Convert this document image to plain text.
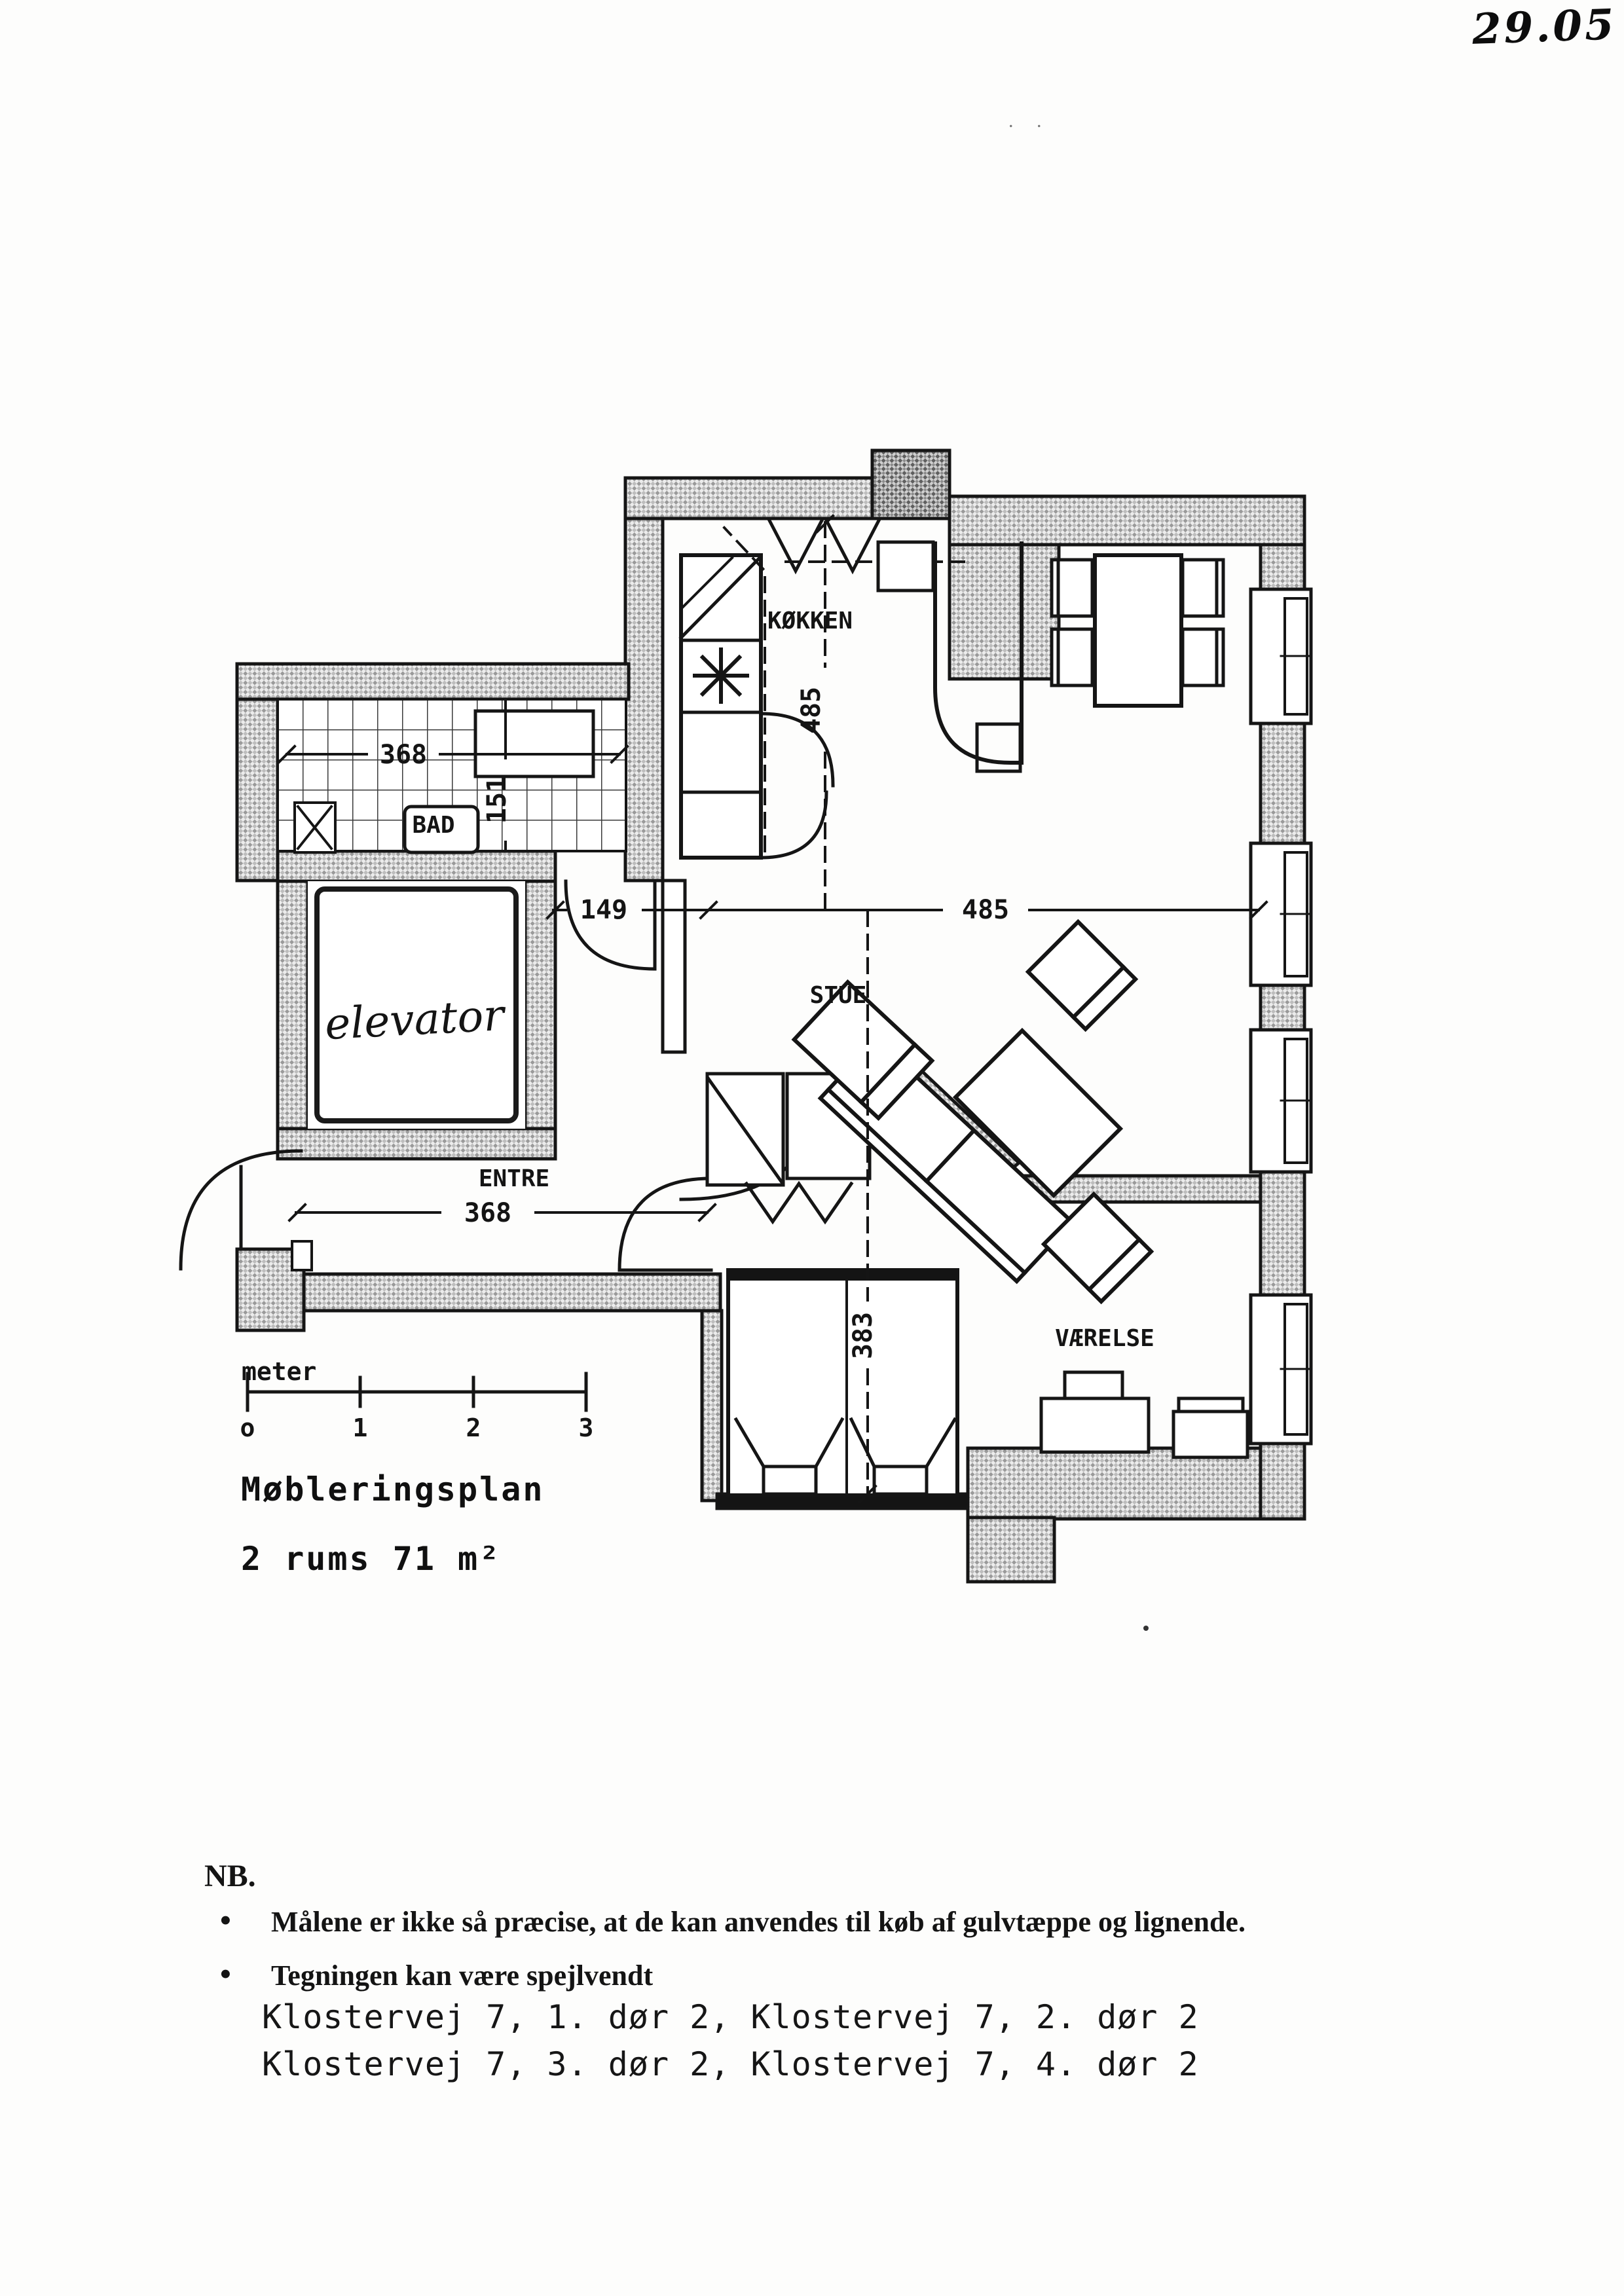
29.05
. .
368
151
BAD
elevator
KØKKEN
STUE
VÆRELSE
149	485
368
485
383
ENTRE
meter
o	1	2	3
Møbleringsplan
2 rums 71 m²
NB.
• Målene er ikke så præcise, at de kan anvendes til køb af gulvtæppe og lignende.
• Tegningen kan være spejlvendt
Klostervej 7, 1. dør 2, Klostervej 7, 2. dør 2
Klostervej 7, 3. dør 2, Klostervej 7, 4. dør 2
